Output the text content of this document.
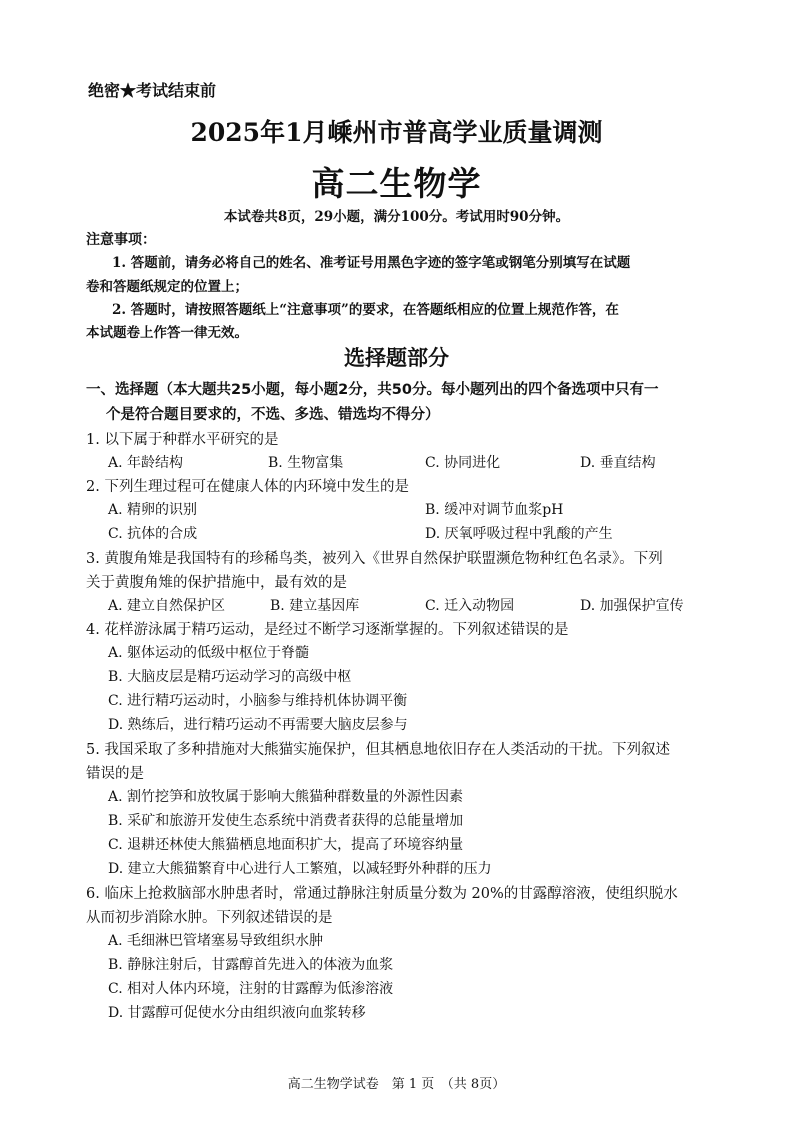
绝密★考试结束前
2025年1月嵊州市普高学业质量调测
高二生物学
本试卷共8页，29小题，满分100分。考试用时90分钟。
注意事项：
1. 答题前，请务必将自己的姓名、准考证号用黑色字迹的签字笔或钢笔分别填写在试题
卷和答题纸规定的位置上；
2. 答题时，请按照答题纸上“注意事项”的要求，在答题纸相应的位置上规范作答，在
本试题卷上作答一律无效。
选择题部分
一、选择题（本大题共25小题，每小题2分，共50分。每小题列出的四个备选项中只有一
个是符合题目要求的，不选、多选、错选均不得分）
1. 以下属于种群水平研究的是
A. 年龄结构	B. 生物富集	C. 协同进化	D. 垂直结构
2. 下列生理过程可在健康人体的内环境中发生的是
A. 精卵的识别	B. 缓冲对调节血浆pH
C. 抗体的合成	D. 厌氧呼吸过程中乳酸的产生
3. 黄腹角雉是我国特有的珍稀鸟类，被列入《世界自然保护联盟濒危物种红色名录》。下列
关于黄腹角雉的保护措施中，最有效的是
A. 建立自然保护区	B. 建立基因库	C. 迁入动物园	D. 加强保护宣传
4. 花样游泳属于精巧运动，是经过不断学习逐渐掌握的。下列叙述错误的是
A. 躯体运动的低级中枢位于脊髓
B. 大脑皮层是精巧运动学习的高级中枢
C. 进行精巧运动时，小脑参与维持机体协调平衡
D. 熟练后，进行精巧运动不再需要大脑皮层参与
5. 我国采取了多种措施对大熊猫实施保护，但其栖息地依旧存在人类活动的干扰。下列叙述
错误的是
A. 割竹挖笋和放牧属于影响大熊猫种群数量的外源性因素
B. 采矿和旅游开发使生态系统中消费者获得的总能量增加
C. 退耕还林使大熊猫栖息地面积扩大，提高了环境容纳量
D. 建立大熊猫繁育中心进行人工繁殖，以减轻野外种群的压力
6. 临床上抢救脑部水肿患者时，常通过静脉注射质量分数为 20%的甘露醇溶液，使组织脱水
从而初步消除水肿。下列叙述错误的是
A. 毛细淋巴管堵塞易导致组织水肿
B. 静脉注射后，甘露醇首先进入的体液为血浆
C. 相对人体内环境，注射的甘露醇为低渗溶液
D. 甘露醇可促使水分由组织液向血浆转移
高二生物学试卷　第 1 页　（共 8页）
